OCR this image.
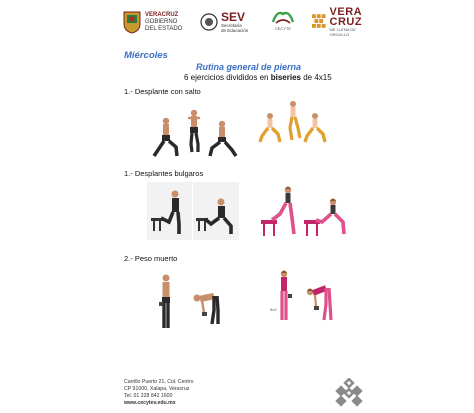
VERACRUZ
GOBIERNO
DEL ESTADO
SEV
Secretaría
de Educación	CECYTE
VERA
CRUZ
ME LLENA DE ORGULLO
Miércoles
Rutina general de pierna
6 ejercicios divididos en biseries de 4x15
1.- Desplante con salto
1.- Desplantes bulgaros
2.- Peso muerto
5x3
Carrillo Puerto 21, Col. Centro
CP 91000, Xalapa, Veracruz
Tel. 01 228 842 1600
www.cecytev.edu.mx
